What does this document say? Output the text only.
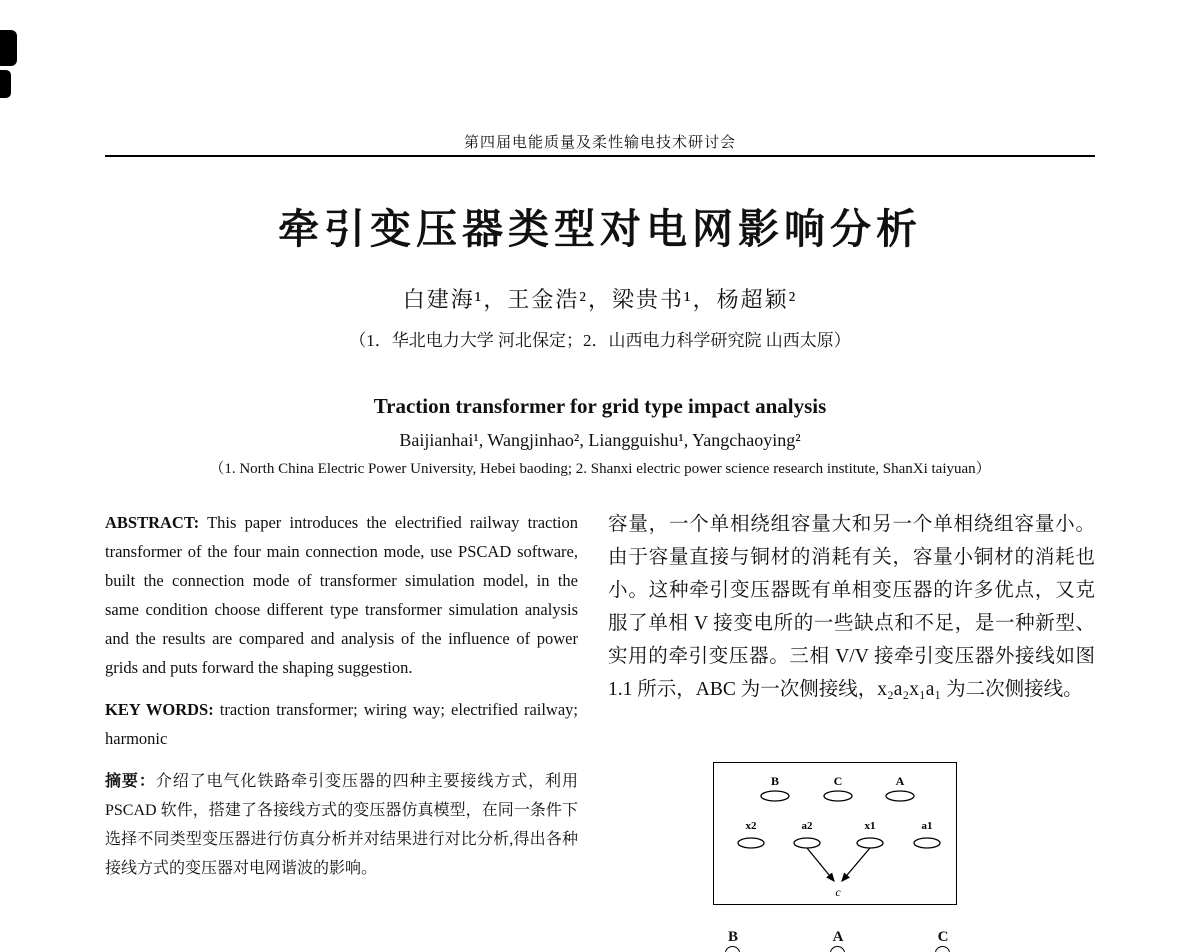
第四届电能质量及柔性输电技术研讨会
牵引变压器类型对电网影响分析
白建海¹，王金浩²，梁贵书¹，杨超颖²
（1．华北电力大学 河北保定；2．山西电力科学研究院 山西太原）
Traction transformer for grid type impact analysis
Baijianhai¹, Wangjinhao², Liangguishu¹, Yangchaoying²
（1. North China Electric Power University, Hebei baoding; 2. Shanxi electric power science research institute, ShanXi taiyuan）

ABSTRACT: This paper introduces the electrified railway traction transformer of the four main connection mode, use PSCAD software, built the connection mode of transformer simulation model, in the same condition choose different type transformer simulation analysis and the results are compared and analysis of the influence of power grids and puts forward the shaping suggestion.

KEY WORDS: traction transformer; wiring way; electrified railway; harmonic

摘要：介绍了电气化铁路牵引变压器的四种主要接线方式，利用 PSCAD 软件，搭建了各接线方式的变压器仿真模型，在同一条件下选择不同类型变压器进行仿真分析并对结果进行对比分析,得出各种接线方式的变压器对电网谐波的影响。

容量，一个单相绕组容量大和另一个单相绕组容量小。由于容量直接与铜材的消耗有关，容量小铜材的消耗也小。这种牵引变压器既有单相变压器的许多优点，又克服了单相 V 接变电所的一些缺点和不足，是一种新型、实用的牵引变压器。三相 V/V 接牵引变压器外接线如图 1.1 所示，ABC 为一次侧接线，x₂a₂x₁a₁ 为二次侧接线。

B	C	A
x2	a2	x1	a1
c
B	A	C
